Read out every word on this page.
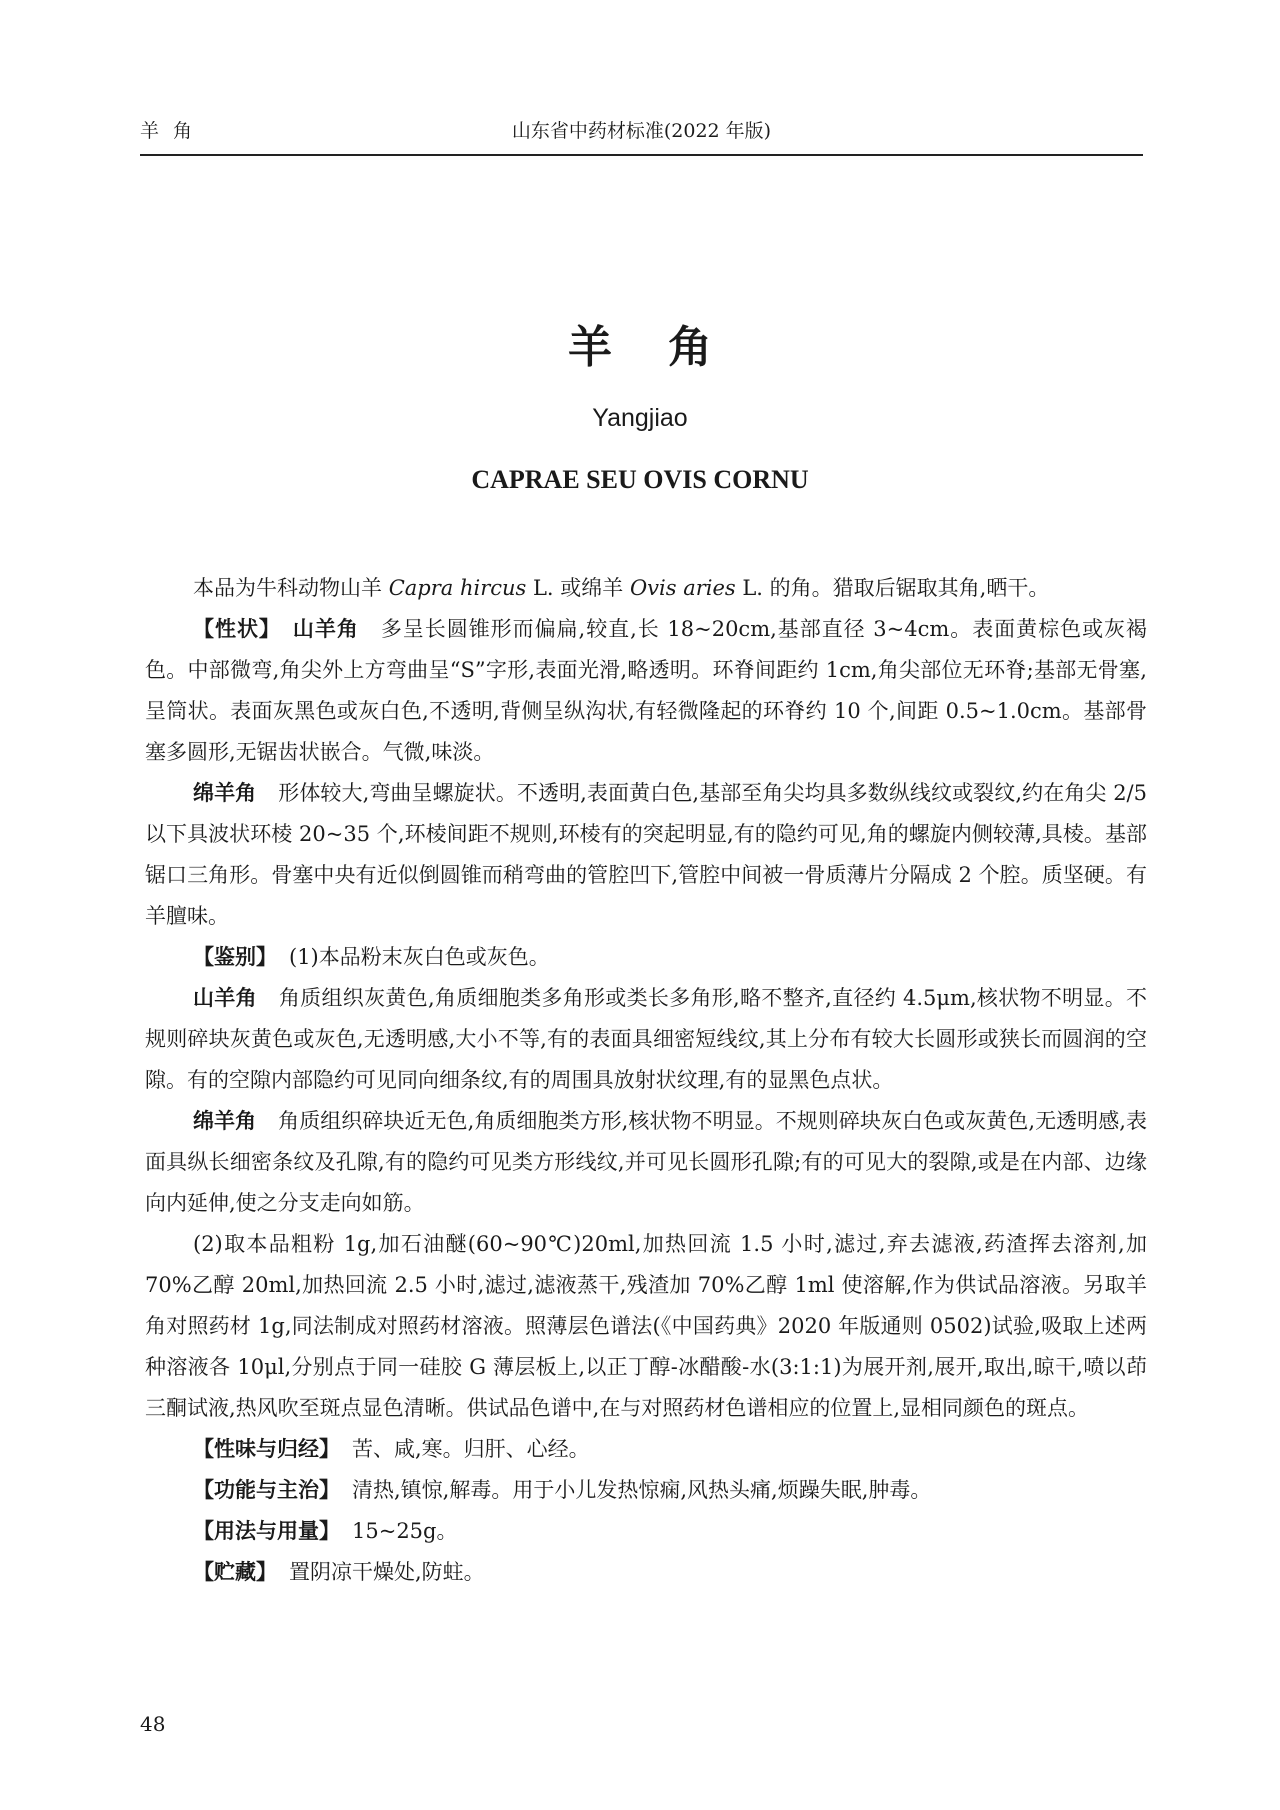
羊角	山东省中药材标准(2022 年版)
羊角
Yangjiao
CAPRAE SEU OVIS CORNU

本品为牛科动物山羊 Capra hircus L. 或绵羊 Ovis aries L. 的角。猎取后锯取其角,晒干。

【性状】 山羊角 多呈长圆锥形而偏扁,较直,长 18~20cm,基部直径 3~4cm。表面黄棕色或灰褐色。中部微弯,角尖外上方弯曲呈“S”字形,表面光滑,略透明。环脊间距约 1cm,角尖部位无环脊;基部无骨塞,呈筒状。表面灰黑色或灰白色,不透明,背侧呈纵沟状,有轻微隆起的环脊约 10 个,间距 0.5~1.0cm。基部骨塞多圆形,无锯齿状嵌合。气微,味淡。

绵羊角 形体较大,弯曲呈螺旋状。不透明,表面黄白色,基部至角尖均具多数纵线纹或裂纹,约在角尖 2/5 以下具波状环棱 20~35 个,环棱间距不规则,环棱有的突起明显,有的隐约可见,角的螺旋内侧较薄,具棱。基部锯口三角形。骨塞中央有近似倒圆锥而稍弯曲的管腔凹下,管腔中间被一骨质薄片分隔成 2 个腔。质坚硬。有羊膻味。

【鉴别】 (1)本品粉末灰白色或灰色。

山羊角 角质组织灰黄色,角质细胞类多角形或类长多角形,略不整齐,直径约 4.5μm,核状物不明显。不规则碎块灰黄色或灰色,无透明感,大小不等,有的表面具细密短线纹,其上分布有较大长圆形或狭长而圆润的空隙。有的空隙内部隐约可见同向细条纹,有的周围具放射状纹理,有的显黑色点状。

绵羊角 角质组织碎块近无色,角质细胞类方形,核状物不明显。不规则碎块灰白色或灰黄色,无透明感,表面具纵长细密条纹及孔隙,有的隐约可见类方形线纹,并可见长圆形孔隙;有的可见大的裂隙,或是在内部、边缘向内延伸,使之分支走向如筋。

(2)取本品粗粉 1g,加石油醚(60~90℃)20ml,加热回流 1.5 小时,滤过,弃去滤液,药渣挥去溶剂,加 70%乙醇 20ml,加热回流 2.5 小时,滤过,滤液蒸干,残渣加 70%乙醇 1ml 使溶解,作为供试品溶液。另取羊角对照药材 1g,同法制成对照药材溶液。照薄层色谱法(《中国药典》2020 年版通则 0502)试验,吸取上述两种溶液各 10μl,分别点于同一硅胶 G 薄层板上,以正丁醇-冰醋酸-水(3:1:1)为展开剂,展开,取出,晾干,喷以茚三酮试液,热风吹至斑点显色清晰。供试品色谱中,在与对照药材色谱相应的位置上,显相同颜色的斑点。

【性味与归经】 苦、咸,寒。归肝、心经。

【功能与主治】 清热,镇惊,解毒。用于小儿发热惊痫,风热头痛,烦躁失眠,肿毒。

【用法与用量】 15~25g。

【贮藏】 置阴凉干燥处,防蛀。

48
